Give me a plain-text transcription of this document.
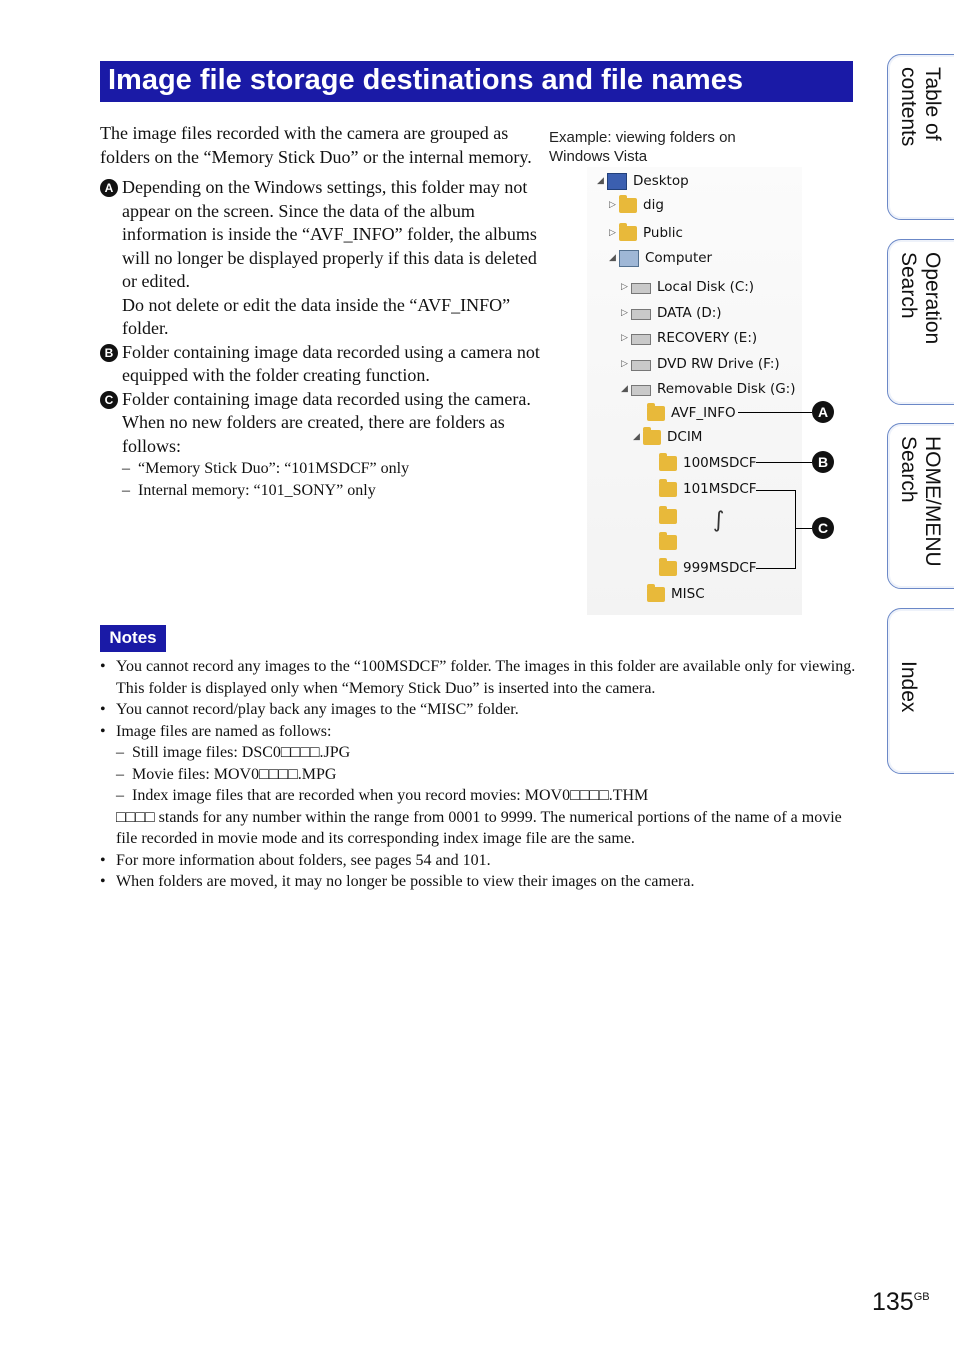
Image file storage destinations and file names
The image files recorded with the camera are grouped as folders on the “Memory Stick Duo” or the internal memory.
A Depending on the Windows settings, this folder may not appear on the screen. Since the data of the album information is inside the “AVF_INFO” folder, the albums will no longer be displayed properly if this data is deleted or edited.
Do not delete or edit the data inside the “AVF_INFO” folder.
B Folder containing image data recorded using a camera not equipped with the folder creating function.
C Folder containing image data recorded using the camera.
When no new folders are created, there are folders as follows:
– “Memory Stick Duo”: “101MSDCF” only
– Internal memory: “101_SONY” only
Example: viewing folders on Windows Vista
◢ Desktop
▷ dig
▷ Public
◢ Computer
▷ Local Disk (C:)
▷ DATA (D:)
▷ RECOVERY (E:)
▷ DVD RW Drive (F:)
◢ Removable Disk (G:)
AVF_INFO
◢ DCIM
100MSDCF
101MSDCF
∫
999MSDCF
MISC
A
B
C
Notes
• You cannot record any images to the “100MSDCF” folder. The images in this folder are available only for viewing. This folder is displayed only when “Memory Stick Duo” is inserted into the camera.
• You cannot record/play back any images to the “MISC” folder.
• Image files are named as follows:
– Still image files: DSC0□□□□.JPG
– Movie files: MOV0□□□□.MPG
– Index image files that are recorded when you record movies: MOV0□□□□.THM
□□□□ stands for any number within the range from 0001 to 9999. The numerical portions of the name of a movie file recorded in movie mode and its corresponding index image file are the same.
• For more information about folders, see pages 54 and 101.
• When folders are moved, it may no longer be possible to view their images on the camera.
Table of
contents
Operation
Search
HOME/MENU
Search
Index
$135^{GB}$
